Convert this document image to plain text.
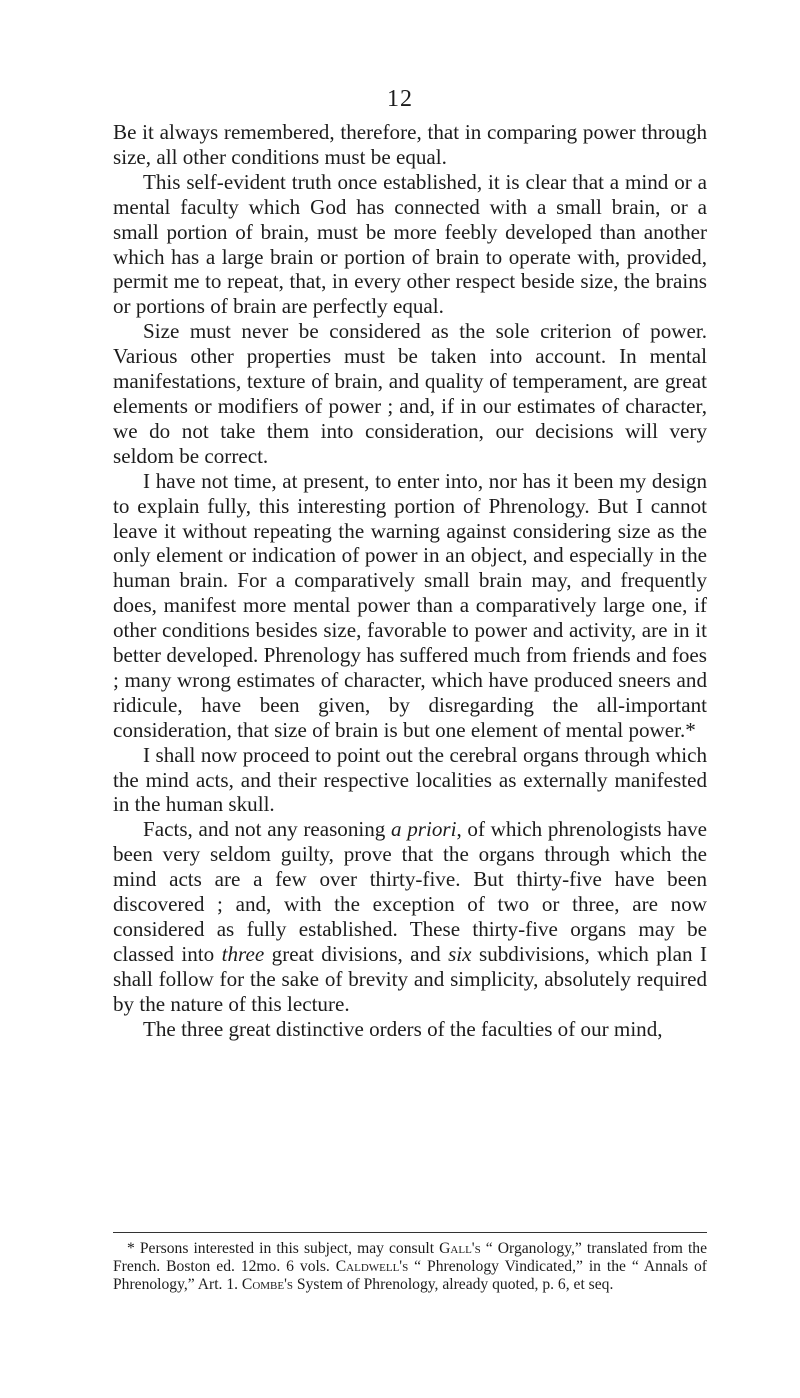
12

Be it always remembered, therefore, that in comparing power through size, all other conditions must be equal.

This self-evident truth once established, it is clear that a mind or a mental faculty which God has connected with a small brain, or a small portion of brain, must be more feebly developed than another which has a large brain or portion of brain to operate with, provided, permit me to repeat, that, in every other respect beside size, the brains or portions of brain are perfectly equal.

Size must never be considered as the sole criterion of power. Various other properties must be taken into account. In mental manifestations, texture of brain, and quality of temperament, are great elements or modifiers of power ; and, if in our estimates of character, we do not take them into consideration, our decisions will very seldom be correct.

I have not time, at present, to enter into, nor has it been my design to explain fully, this interesting portion of Phrenology. But I cannot leave it without repeating the warning against considering size as the only element or indication of power in an object, and especially in the human brain. For a comparatively small brain may, and frequently does, manifest more mental power than a comparatively large one, if other conditions besides size, favorable to power and activity, are in it better developed. Phrenology has suffered much from friends and foes ; many wrong estimates of character, which have produced sneers and ridicule, have been given, by disregarding the all-important consideration, that size of brain is but one element of mental power.*

I shall now proceed to point out the cerebral organs through which the mind acts, and their respective localities as externally manifested in the human skull.

Facts, and not any reasoning a priori, of which phrenologists have been very seldom guilty, prove that the organs through which the mind acts are a few over thirty-five. But thirty-five have been discovered ; and, with the exception of two or three, are now considered as fully established. These thirty-five organs may be classed into three great divisions, and six subdivisions, which plan I shall follow for the sake of brevity and simplicity, absolutely required by the nature of this lecture.

The three great distinctive orders of the faculties of our mind,

* Persons interested in this subject, may consult Gall's “ Organology,” translated from the French. Boston ed. 12mo. 6 vols. Caldwell's “ Phrenology Vindicated,” in the “ Annals of Phrenology,” Art. 1. Combe's System of Phrenology, already quoted, p. 6, et seq.
